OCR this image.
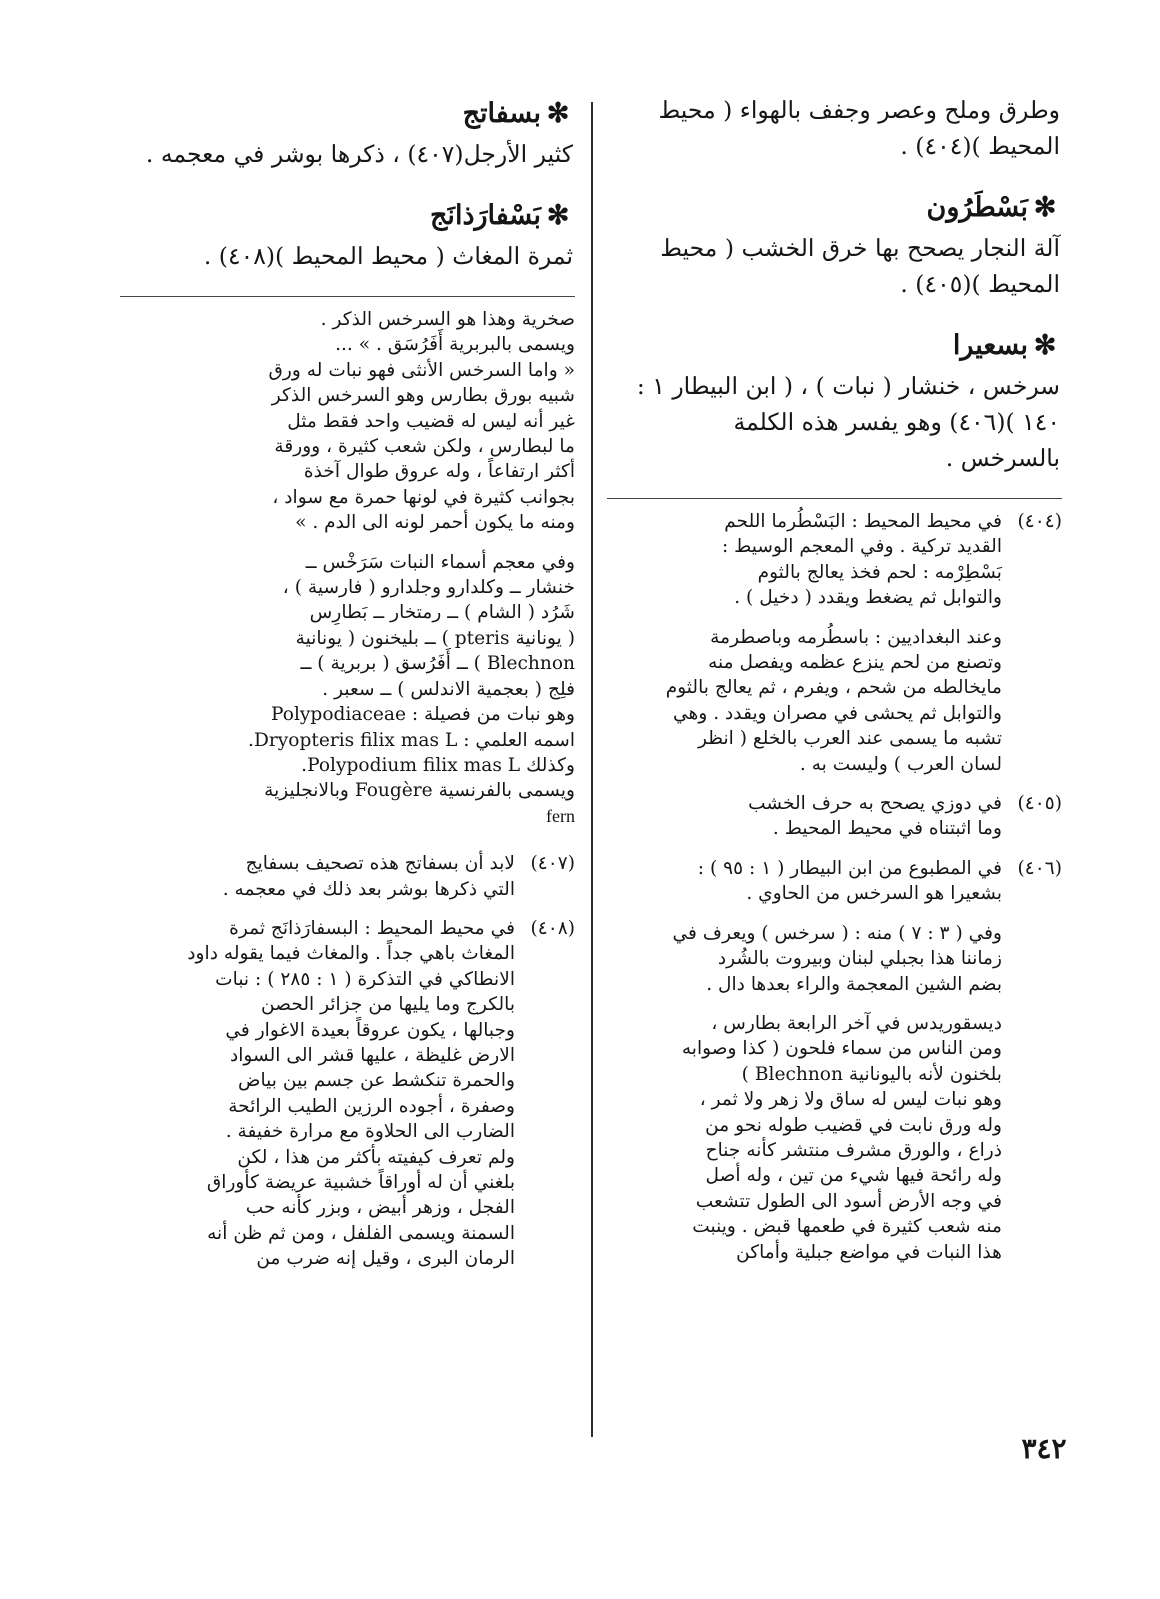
وطرق وملح وعصر وجفف بالهواء ( محيط
المحيط )(٤٠٤) .
✻بَسْطَرُون
آلة النجار يصحح بها خرق الخشب ( محيط
المحيط )(٤٠٥) .
✻بسعيرا
سرخس ، خنشار ( نبات ) ، ( ابن البيطار ١ :
١٤٠ )(٤٠٦) وهو يفسر هذه الكلمة
بالسرخس .
(٤٠٤)
في محيط المحيط : البَسْطُرما اللحم
القديد تركية . وفي المعجم الوسيط :
بَسْطِرْمه : لحم فخذ يعالج بالثوم
والتوابل ثم يضغط ويقدد ( دخيل ) .
وعند البغداديين : باسطُرمه وباصطرمة
وتصنع من لحم ينزع عظمه ويفصل منه
مايخالطه من شحم ، ويفرم ، ثم يعالج بالثوم
والتوابل ثم يحشى في مصران ويقدد . وهي
تشبه ما يسمى عند العرب بالخلع ( انظر
لسان العرب ) وليست به .
(٤٠٥)
في دوزي يصحح به حرف الخشب
وما اثبتناه في محيط المحيط .
(٤٠٦)
في المطبوع من ابن البيطار ( ١ : ٩٥ ) :
بشعيرا هو السرخس من الحاوي .
وفي ( ٣ : ٧ ) منه : ( سرخس ) ويعرف في
زماننا هذا بجبلي لبنان وبيروت بالشُرد
بضم الشين المعجمة والراء بعدها دال .
ديسقوريدس في آخر الرابعة بطارس ،
ومن الناس من سماء فلحون ( كذا وصوابه
بلخنون لأنه باليونانية Blechnon )
وهو نبات ليس له ساق ولا زهر ولا ثمر ،
وله ورق نابت في قضيب طوله نحو من
ذراع ، والورق مشرف منتشر كأنه جناح
وله رائحة فيها شيء من تين ، وله أصل
في وجه الأرض أسود الى الطول تتشعب
منه شعب كثيرة في طعمها قبض . وينبت
هذا النبات في مواضع جبلية وأماكن
✻بسفاتج
كثير الأرجل(٤٠٧) ، ذكرها بوشر في معجمه .
✻بَسْفارَذانَج
ثمرة المغاث ( محيط المحيط )(٤٠٨) .
صخرية وهذا هو السرخس الذكر .
ويسمى بالبربرية أَفَرُسَق . » ...
« واما السرخس الأنثى فهو نبات له ورق
شبيه بورق بطارس وهو السرخس الذكر
غير أنه ليس له قضيب واحد فقط مثل
ما لبطارس ، ولكن شعب كثيرة ، وورقة
أكثر ارتفاعاً ، وله عروق طوال آخذة
بجوانب كثيرة في لونها حمرة مع سواد ،
ومنه ما يكون أحمر لونه الى الدم . »
وفي معجم أسماء النبات سَرَخْس ــ
خنشار ــ وكلدارو وجلدارو ( فارسية ) ،
شَرُد ( الشام ) ــ رمتخار ــ بَطارِس
( يونانية pteris ) ــ بليخنون ( يونانية
Blechnon ) ــ أَفَرُسق ( بربرية ) ــ
فلِج ( بعجمية الاندلس ) ــ سعبر .
وهو نبات من فصيلة : Polypodiaceae
اسمه العلمي : Dryopteris filix mas L.
وكذلك Polypodium filix mas L.
ويسمى بالفرنسية Fougère وبالانجليزية
fern
(٤٠٧)
لابد أن بسفاتج هذه تصحيف بسفايج
التي ذكرها بوشر بعد ذلك في معجمه .
(٤٠٨)
في محيط المحيط : البسفارَذانَج ثمرة
المغاث باهي جداً . والمغاث فيما يقوله داود
الانطاكي في التذكرة ( ١ : ٢٨٥ ) : نبات
بالكرج وما يليها من جزائر الحصن
وجبالها ، يكون عروقاً بعيدة الاغوار في
الارض غليظة ، عليها قشر الى السواد
والحمرة تنكشط عن جسم بين بياض
وصفرة ، أجوده الرزين الطيب الرائحة
الضارب الى الحلاوة مع مرارة خفيفة .
ولم تعرف كيفيته بأكثر من هذا ، لكن
بلغني أن له أوراقاً خشبية عريضة كأوراق
الفجل ، وزهر أبيض ، وبزر كأنه حب
السمنة ويسمى الفلفل ، ومن ثم ظن أنه
الرمان البرى ، وقيل إنه ضرب من
٣٤٢
